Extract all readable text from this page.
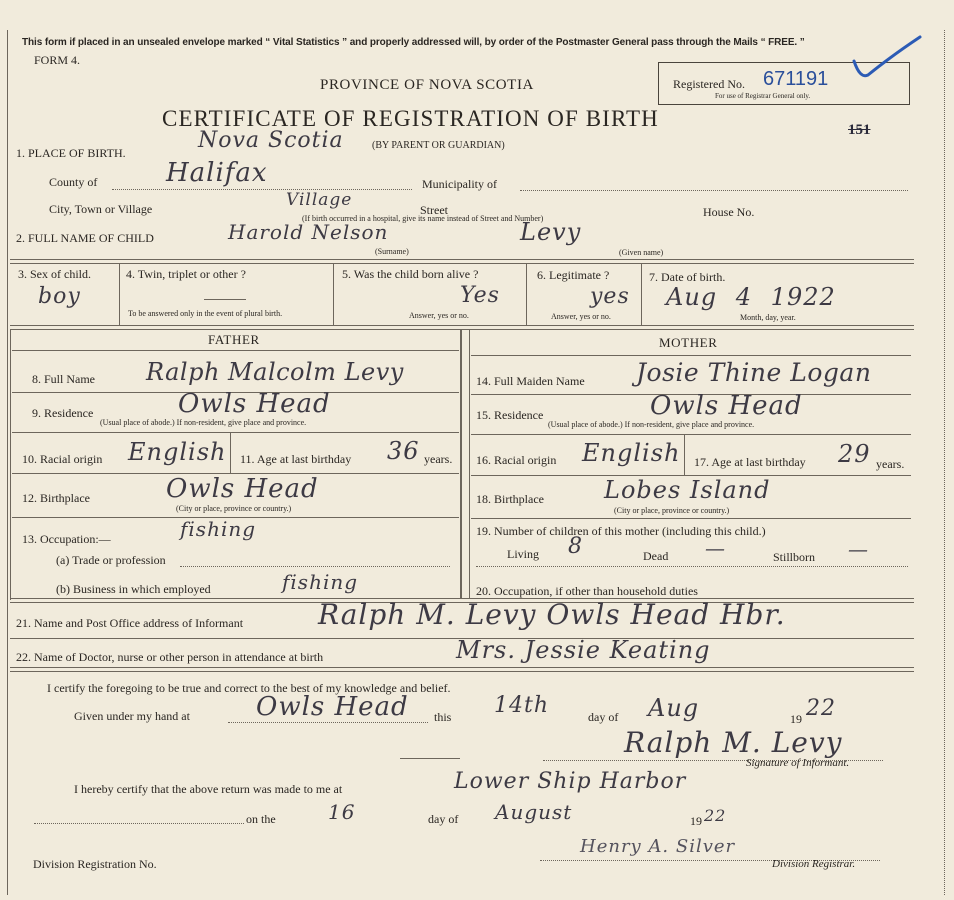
This form if placed in an unsealed envelope marked “ Vital Statistics ” and properly addressed will, by order of the Postmaster General pass through the Mails “ FREE. ”
FORM 4.
PROVINCE OF NOVA SCOTIA
CERTIFICATE OF REGISTRATION OF BIRTH
Registered No. 671191
For use of Registrar General only.
151
1. PLACE OF BIRTH.	Nova Scotia	(BY PARENT OR GUARDIAN)
County of	Halifax	Municipality of
City, Town or Village	Village	Street	House No.
(If birth occurred in a hospital, give its name instead of Street and Number)
2. FULL NAME OF CHILD	Harold Nelson	Levy
(Surname)	(Given name)
3. Sex of child.
boy
4. Twin, triplet or other ?
To be answered only in the event of plural birth.
5. Was the child born alive ?
Yes
Answer, yes or no.
6. Legitimate ?
yes
Answer, yes or no.
7. Date of birth.
Aug 4 1922
Month, day, year.
FATHER	MOTHER
8. Full Name Ralph Malcolm Levy
9. Residence	Owls Head
(Usual place of abode.) If non-resident, give place and province.
10. Racial origin English 11. Age at last birthday 36 years.
12. Birthplace	Owls Head
(City or place, province or country.)
13. Occupation:—	fishing
(a) Trade or profession
(b) Business in which employed	fishing
14. Full Maiden Name Josie Thine Logan
15. Residence	Owls Head
(Usual place of abode.) If non-resident, give place and province.
16. Racial origin English 17. Age at last birthday 29 years.
18. Birthplace	Lobes Island
(City or place, province or country.)
19. Number of children of this mother (including this child.)
Living 8	Dead —	Stillborn —
20. Occupation, if other than household duties
21. Name and Post Office address of Informant	Ralph M. Levy Owls Head Hbr.
22. Name of Doctor, nurse or other person in attendance at birth	Mrs. Jessie Keating
I certify the foregoing to be true and correct to the best of my knowledge and belief.
Given under my hand at	Owls Head this 14th	day of Aug	19 22
Ralph M. Levy
Signature of Informant.
I hereby certify that the above return was made to me at	Lower Ship Harbor
on the	16	day of August	19 22
Division Registration No.
Henry A. Silver
Division Registrar.
